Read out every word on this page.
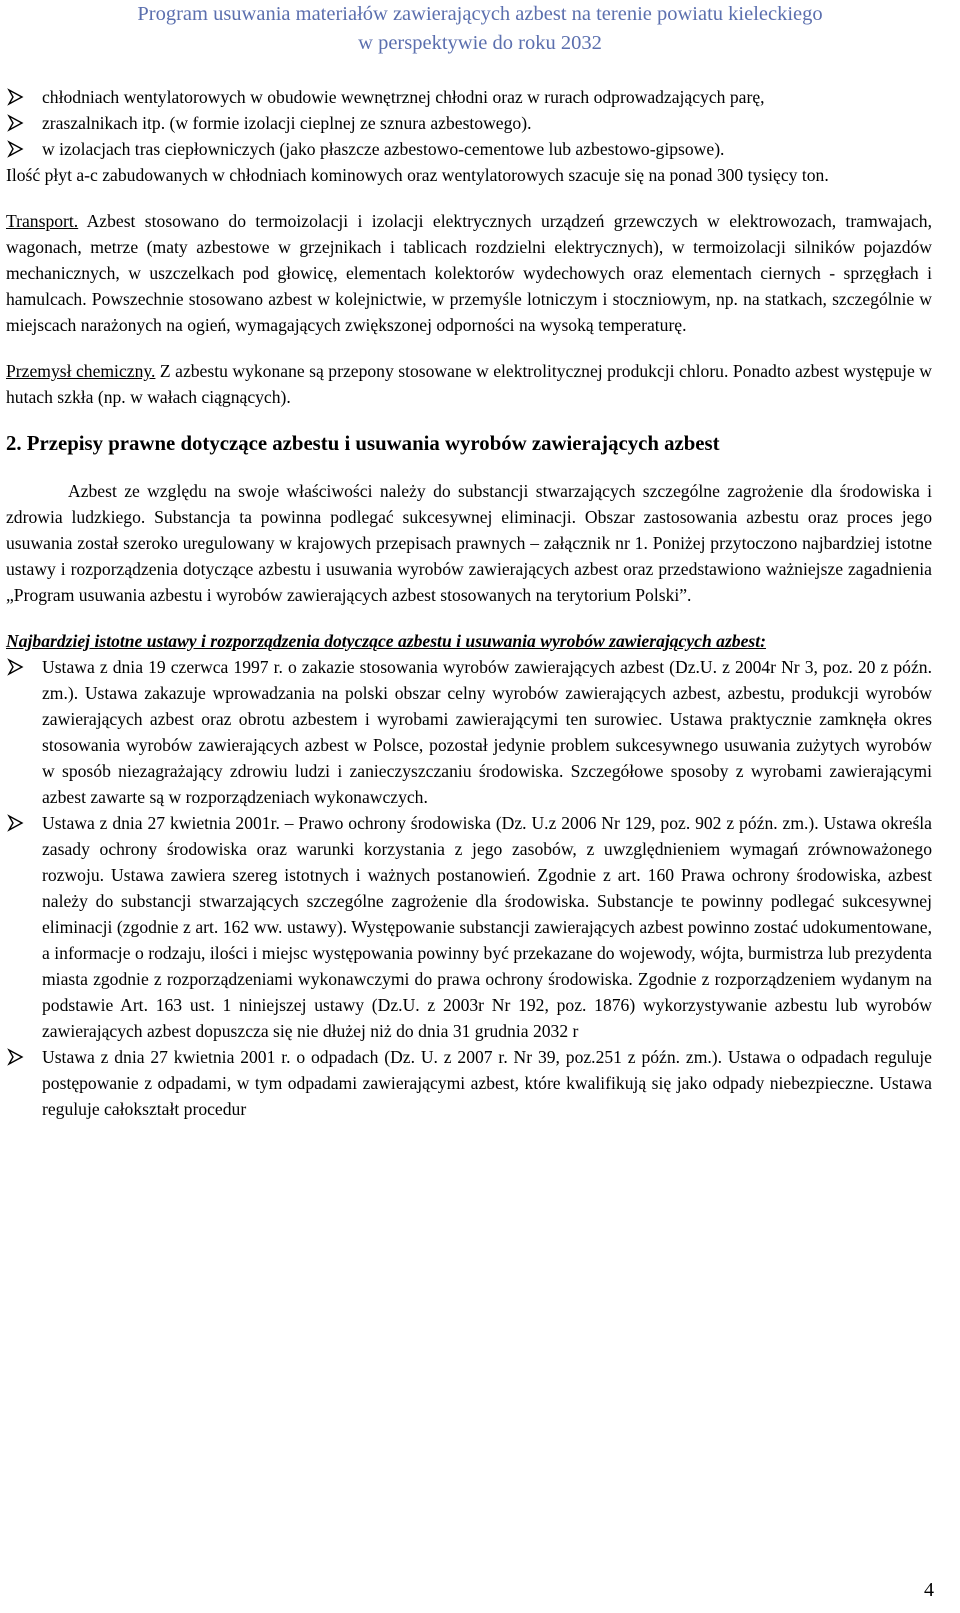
Program usuwania materiałów zawierających azbest na terenie powiatu kieleckiego
w perspektywie do roku 2032
chłodniach wentylatorowych w obudowie wewnętrznej chłodni oraz w rurach odprowadzających parę,
zraszalnikach itp. (w formie izolacji cieplnej ze sznura azbestowego).
w izolacjach tras ciepłowniczych (jako płaszcze azbestowo-cementowe lub azbestowo-gipsowe).

Ilość płyt a-c zabudowanych w chłodniach kominowych oraz wentylatorowych szacuje się na ponad 300 tysięcy ton.

Transport. Azbest stosowano do termoizolacji i izolacji elektrycznych urządzeń grzewczych w elektrowozach, tramwajach, wagonach, metrze (maty azbestowe w grzejnikach i tablicach rozdzielni elektrycznych), w termoizolacji silników pojazdów mechanicznych, w uszczelkach pod głowicę, elementach kolektorów wydechowych oraz elementach ciernych - sprzęgłach i hamulcach. Powszechnie stosowano azbest w kolejnictwie, w przemyśle lotniczym i stoczniowym, np. na statkach, szczególnie w miejscach narażonych na ogień, wymagających zwiększonej odporności na wysoką temperaturę.

Przemysł chemiczny. Z azbestu wykonane są przepony stosowane w elektrolitycznej produkcji chloru. Ponadto azbest występuje w hutach szkła (np. w wałach ciągnących).

2. Przepisy prawne dotyczące azbestu i usuwania wyrobów zawierających azbest

Azbest ze względu na swoje właściwości należy do substancji stwarzających szczególne zagrożenie dla środowiska i zdrowia ludzkiego. Substancja ta powinna podlegać sukcesywnej eliminacji. Obszar zastosowania azbestu oraz proces jego usuwania został szeroko uregulowany w krajowych przepisach prawnych – załącznik nr 1. Poniżej przytoczono najbardziej istotne ustawy i rozporządzenia dotyczące azbestu i usuwania wyrobów zawierających azbest oraz przedstawiono ważniejsze zagadnienia „Program usuwania azbestu i wyrobów zawierających azbest stosowanych na terytorium Polski”.

Najbardziej istotne ustawy i rozporządzenia dotyczące azbestu i usuwania wyrobów zawierających azbest:

Ustawa z dnia 19 czerwca 1997 r. o zakazie stosowania wyrobów zawierających azbest (Dz.U. z 2004r Nr 3, poz. 20 z późn. zm.). Ustawa zakazuje wprowadzania na polski obszar celny wyrobów zawierających azbest, azbestu, produkcji wyrobów zawierających azbest oraz obrotu azbestem i wyrobami zawierającymi ten surowiec. Ustawa praktycznie zamknęła okres stosowania wyrobów zawierających azbest w Polsce, pozostał jedynie problem sukcesywnego usuwania zużytych wyrobów w sposób niezagrażający zdrowiu ludzi i zanieczyszczaniu środowiska. Szczegółowe sposoby z wyrobami zawierającymi azbest zawarte są w rozporządzeniach wykonawczych.
Ustawa z dnia 27 kwietnia 2001r. – Prawo ochrony środowiska (Dz. U.z 2006 Nr 129, poz. 902 z późn. zm.). Ustawa określa zasady ochrony środowiska oraz warunki korzystania z jego zasobów, z uwzględnieniem wymagań zrównoważonego rozwoju. Ustawa zawiera szereg istotnych i ważnych postanowień. Zgodnie z art. 160 Prawa ochrony środowiska, azbest należy do substancji stwarzających szczególne zagrożenie dla środowiska. Substancje te powinny podlegać sukcesywnej eliminacji (zgodnie z art. 162 ww. ustawy). Występowanie substancji zawierających azbest powinno zostać udokumentowane, a informacje o rodzaju, ilości i miejsc występowania powinny być przekazane do wojewody, wójta, burmistrza lub prezydenta miasta zgodnie z rozporządzeniami wykonawczymi do prawa ochrony środowiska. Zgodnie z rozporządzeniem wydanym na podstawie Art. 163 ust. 1 niniejszej ustawy (Dz.U. z 2003r Nr 192, poz. 1876) wykorzystywanie azbestu lub wyrobów zawierających azbest dopuszcza się nie dłużej niż do dnia 31 grudnia 2032 r
Ustawa z dnia 27 kwietnia 2001 r. o odpadach (Dz. U. z 2007 r. Nr 39, poz.251 z późn. zm.). Ustawa o odpadach reguluje postępowanie z odpadami, w tym odpadami zawierającymi azbest, które kwalifikują się jako odpady niebezpieczne. Ustawa reguluje całokształt procedur
4
